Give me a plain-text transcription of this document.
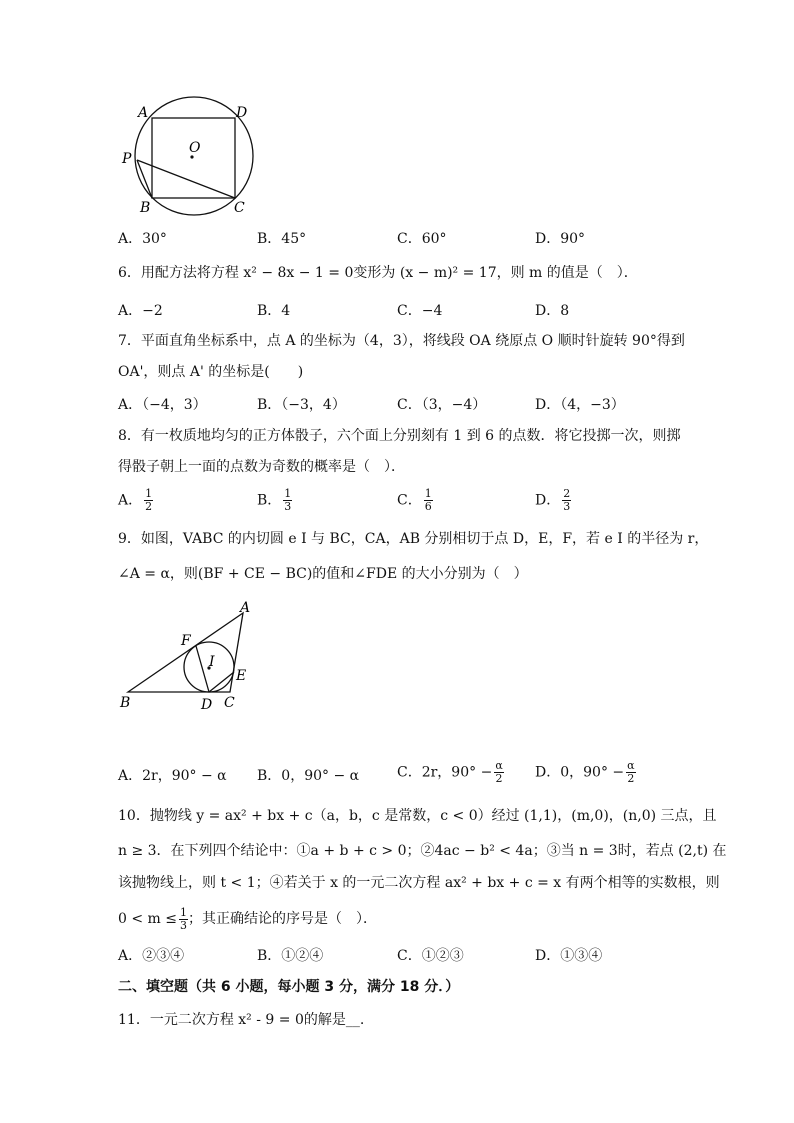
A	D
O
P
B	C
A．30°	B．45°	C．60°	D．90°
6．用配方法将方程 x² − 8x − 1 = 0变形为 (x − m)² = 17，则 m 的值是（　）．
A．−2	B．4	C．−4	D．8
7．平面直角坐标系中，点 A 的坐标为（4，3），将线段 OA 绕原点 O 顺时针旋转 90°得到
OA'，则点 A' 的坐标是(　　)
A．（−4，3）	B．（−3，4）	C．（3，−4）	D．（4，−3）
8．有一枚质地均匀的正方体骰子，六个面上分别刻有 1 到 6 的点数．将它投掷一次，则掷
得骰子朝上一面的点数为奇数的概率是（　）．
A． $\frac{1}{2}$	B． $\frac{1}{3}$	C． $\frac{1}{6}$	D． $\frac{2}{3}$
9．如图，VABC 的内切圆 e I 与 BC，CA，AB 分别相切于点 D，E，F，若 e I 的半径为 r，
∠A = α，则(BF + CE − BC)的值和∠FDE 的大小分别为（　）
A
F
I
E
B	D C
A．2r，90° − α B．0，90° − α	C．2r，$90^\circ - \frac{\alpha}{2}$ D．0，$90^\circ - \frac{\alpha}{2}$
10．抛物线 y = ax² + bx + c（a，b，c 是常数，c < 0）经过 (1,1)，(m,0)，(n,0) 三点，且
n ≥ 3．在下列四个结论中：①a + b + c > 0；②4ac − b² < 4a；③当 n = 3时，若点 (2,t) 在
该抛物线上，则 t < 1；④若关于 x 的一元二次方程 ax² + bx + c = x 有两个相等的实数根，则
$0 < m \le \frac{1}{3}$ ；其正确结论的序号是（　）．
A．②③④	B．①②④	C．①②③	D．①③④
二、填空题（共 6 小题，每小题 3 分，满分 18 分．）
11．一元二次方程 x² - 9 = 0的解是__.
